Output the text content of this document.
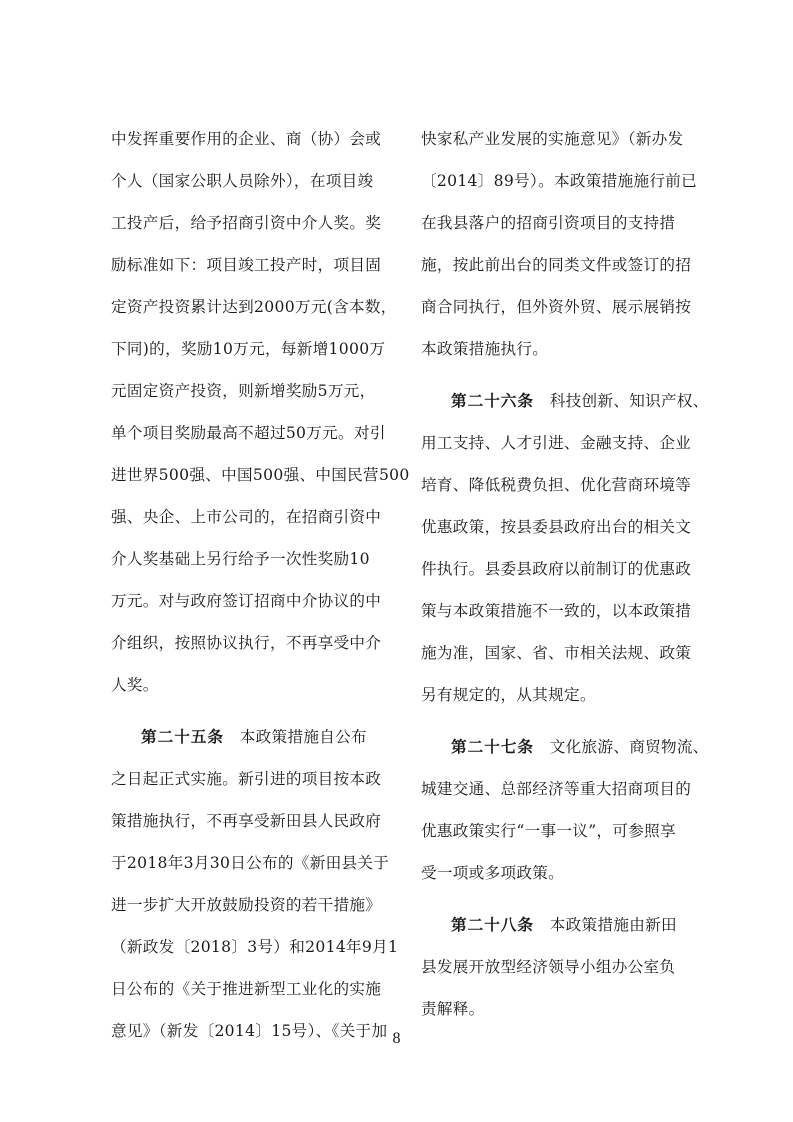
中发挥重要作用的企业、商（协）会或
个人（国家公职人员除外），在项目竣
工投产后，给予招商引资中介人奖。奖
励标准如下：项目竣工投产时，项目固
定资产投资累计达到2000万元(含本数，
下同)的，奖励10万元，每新增1000万
元固定资产投资，则新增奖励5万元，
单个项目奖励最高不超过50万元。对引
进世界500强、中国500强、中国民营500
强、央企、上市公司的，在招商引资中
介人奖基础上另行给予一次性奖励10
万元。对与政府签订招商中介协议的中
介组织，按照协议执行，不再享受中介
人奖。
第二十五条 本政策措施自公布
之日起正式实施。新引进的项目按本政
策措施执行，不再享受新田县人民政府
于2018年3月30日公布的《新田县关于
进一步扩大开放鼓励投资的若干措施》
（新政发〔2018〕3号）和2014年9月1
日公布的《关于推进新型工业化的实施
意见》（新发〔2014〕15号）、《关于加
快家私产业发展的实施意见》（新办发
〔2014〕89号）。本政策措施施行前已
在我县落户的招商引资项目的支持措
施，按此前出台的同类文件或签订的招
商合同执行，但外资外贸、展示展销按
本政策措施执行。
第二十六条 科技创新、知识产权、
用工支持、人才引进、金融支持、企业
培育、降低税费负担、优化营商环境等
优惠政策，按县委县政府出台的相关文
件执行。县委县政府以前制订的优惠政
策与本政策措施不一致的，以本政策措
施为准，国家、省、市相关法规、政策
另有规定的，从其规定。
第二十七条 文化旅游、商贸物流、
城建交通、总部经济等重大招商项目的
优惠政策实行“一事一议”，可参照享
受一项或多项政策。
第二十八条 本政策措施由新田
县发展开放型经济领导小组办公室负
责解释。
8
